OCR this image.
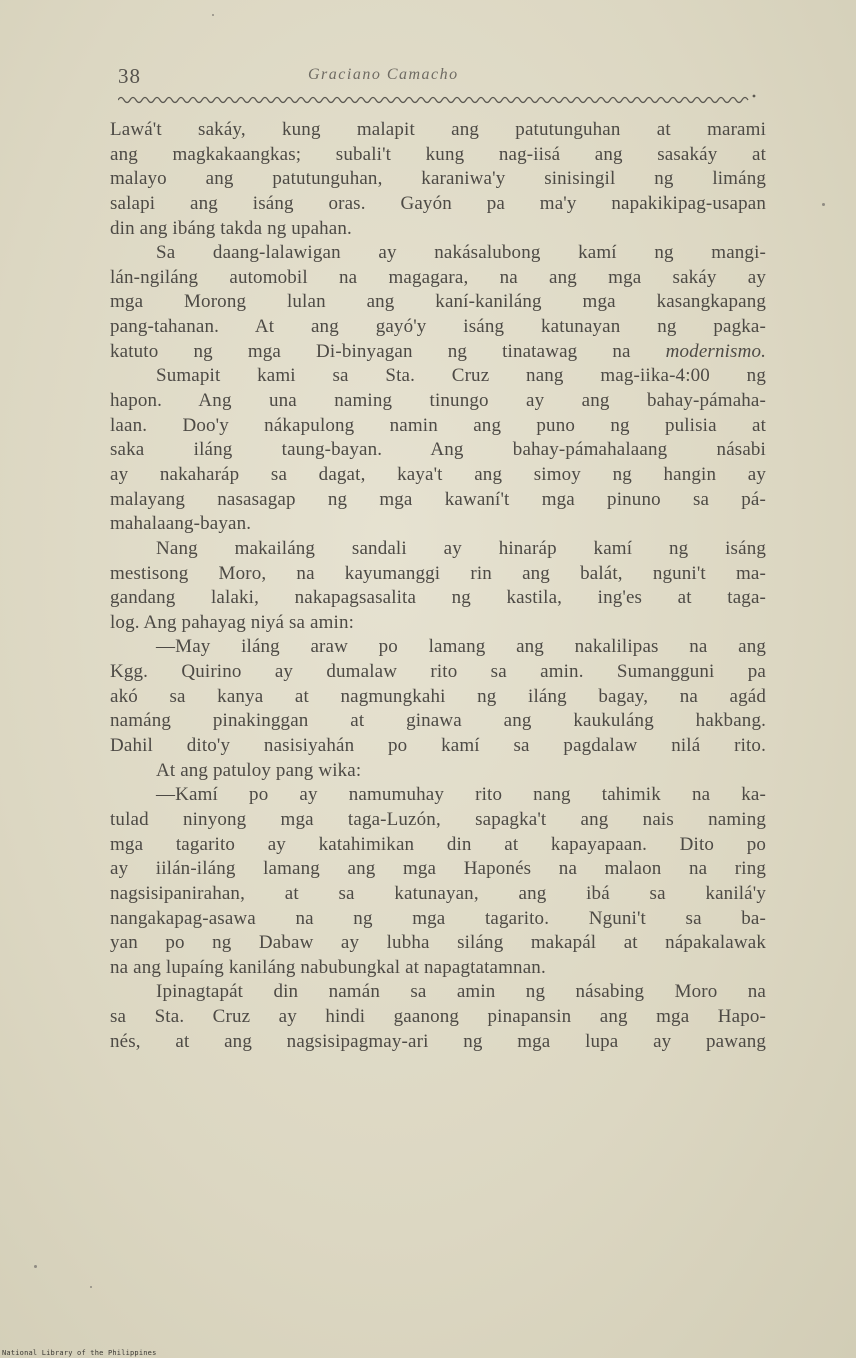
38	Graciano Camacho
Lawá't sakáy, kung malapit ang patutunguhan at marami
ang magkakaangkas; subali't kung nag-iisá ang sasakáy at
malayo ang patutunguhan, karaniwa'y sinisingil ng limáng
salapi ang isáng oras. Gayón pa ma'y napakikipag-usapan
din ang ibáng takda ng upahan.
Sa daang-lalawigan ay nakásalubong kamí ng mangi-
lán-ngiláng automobil na magagara, na ang mga sakáy ay
mga Morong lulan ang kaní-kaniláng mga kasangkapang
pang-tahanan. At ang gayó'y isáng katunayan ng pagka-
katuto ng mga Di-binyagan ng tinatawag na modernismo.
Sumapit kami sa Sta. Cruz nang mag-iika-4:00 ng
hapon. Ang una naming tinungo ay ang bahay-pámaha-
laan. Doo'y nákapulong namin ang puno ng pulisia at
saka iláng taung-bayan. Ang bahay-pámahalaang násabi
ay nakaharáp sa dagat, kaya't ang simoy ng hangin ay
malayang nasasagap ng mga kawaní't mga pinuno sa pá-
mahalaang-bayan.
Nang makailáng sandali ay hinaráp kamí ng isáng
mestisong Moro, na kayumanggi rin ang balát, nguni't ma-
gandang lalaki, nakapagsasalita ng kastila, ing'es at taga-
log. Ang pahayag niyá sa amin:
—May iláng araw po lamang ang nakalilipas na ang
Kgg. Quirino ay dumalaw rito sa amin. Sumangguni pa
akó sa kanya at nagmungkahi ng iláng bagay, na agád
namáng pinakinggan at ginawa ang kaukuláng hakbang.
Dahil dito'y nasisiyahán po kamí sa pagdalaw nilá rito.
At ang patuloy pang wika:
—Kamí po ay namumuhay rito nang tahimik na ka-
tulad ninyong mga taga-Luzón, sapagka't ang nais naming
mga tagarito ay katahimikan din at kapayapaan. Dito po
ay iilán-iláng lamang ang mga Haponés na malaon na ring
nagsisipanirahan, at sa katunayan, ang ibá sa kanilá'y
nangakapag-asawa na ng mga tagarito. Nguni't sa ba-
yan po ng Dabaw ay lubha siláng makapál at nápakalawak
na ang lupaíng kaniláng nabubungkal at napagtatamnan.
Ipinagtapát din namán sa amin ng násabing Moro na
sa Sta. Cruz ay hindi gaanong pinapansin ang mga Hapo-
nés, at ang nagsisipagmay-ari ng mga lupa ay pawang
National Library of the Philippines
